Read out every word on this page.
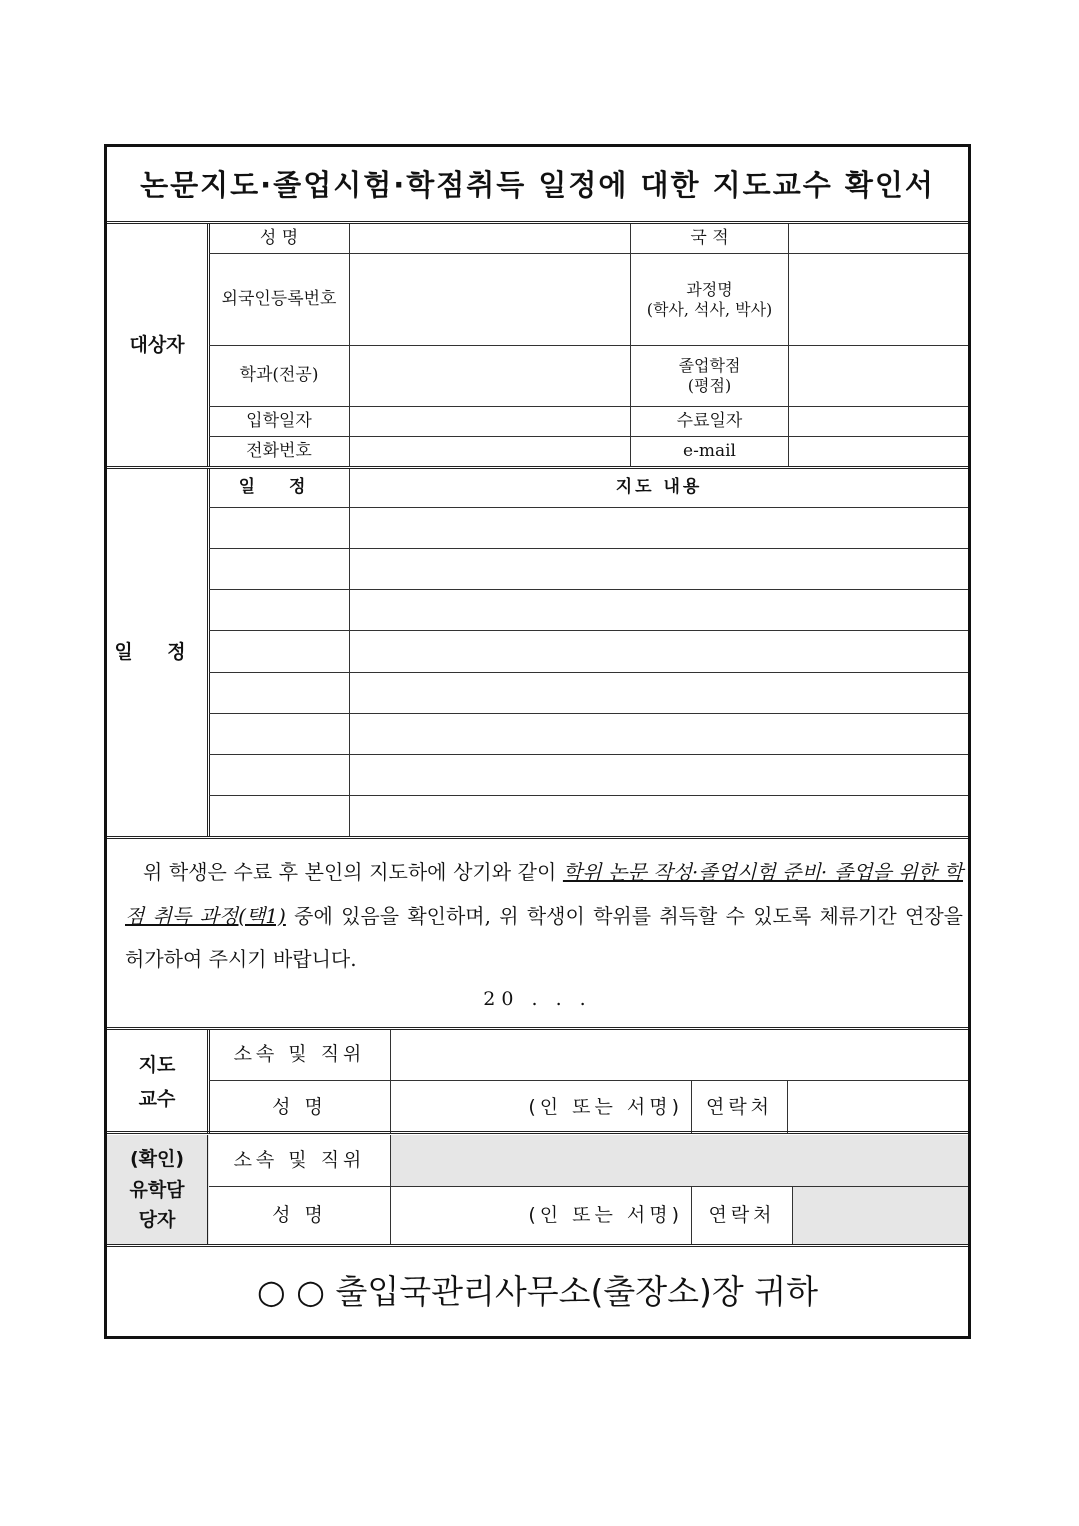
논문지도·졸업시험·학점취득 일정에 대한 지도교수 확인서
대상자
성 명	국 적
외국인등록번호	과정명
(학사, 석사, 박사)
학과(전공)	졸업학점
(평점)
입학일자	수료일자
전화번호	e-mail
일 정
일 정	지도 내용
위 학생은 수료 후 본인의 지도하에 상기와 같이 학위 논문 작성·졸업시험 준비· 졸업을 위한 학점 취득 과정(택1) 중에 있음을 확인하며, 위 학생이 학위를 취득할 수 있도록 체류기간 연장을 허가하여 주시기 바랍니다.
20 . . .
지도
교수
소속 및 직위
성 명	(인 또는 서명)	연락처
(확인)
유학담
당자
소속 및 직위
성 명	(인 또는 서명)	연락처
○ ○ 출입국관리사무소(출장소)장 귀하
